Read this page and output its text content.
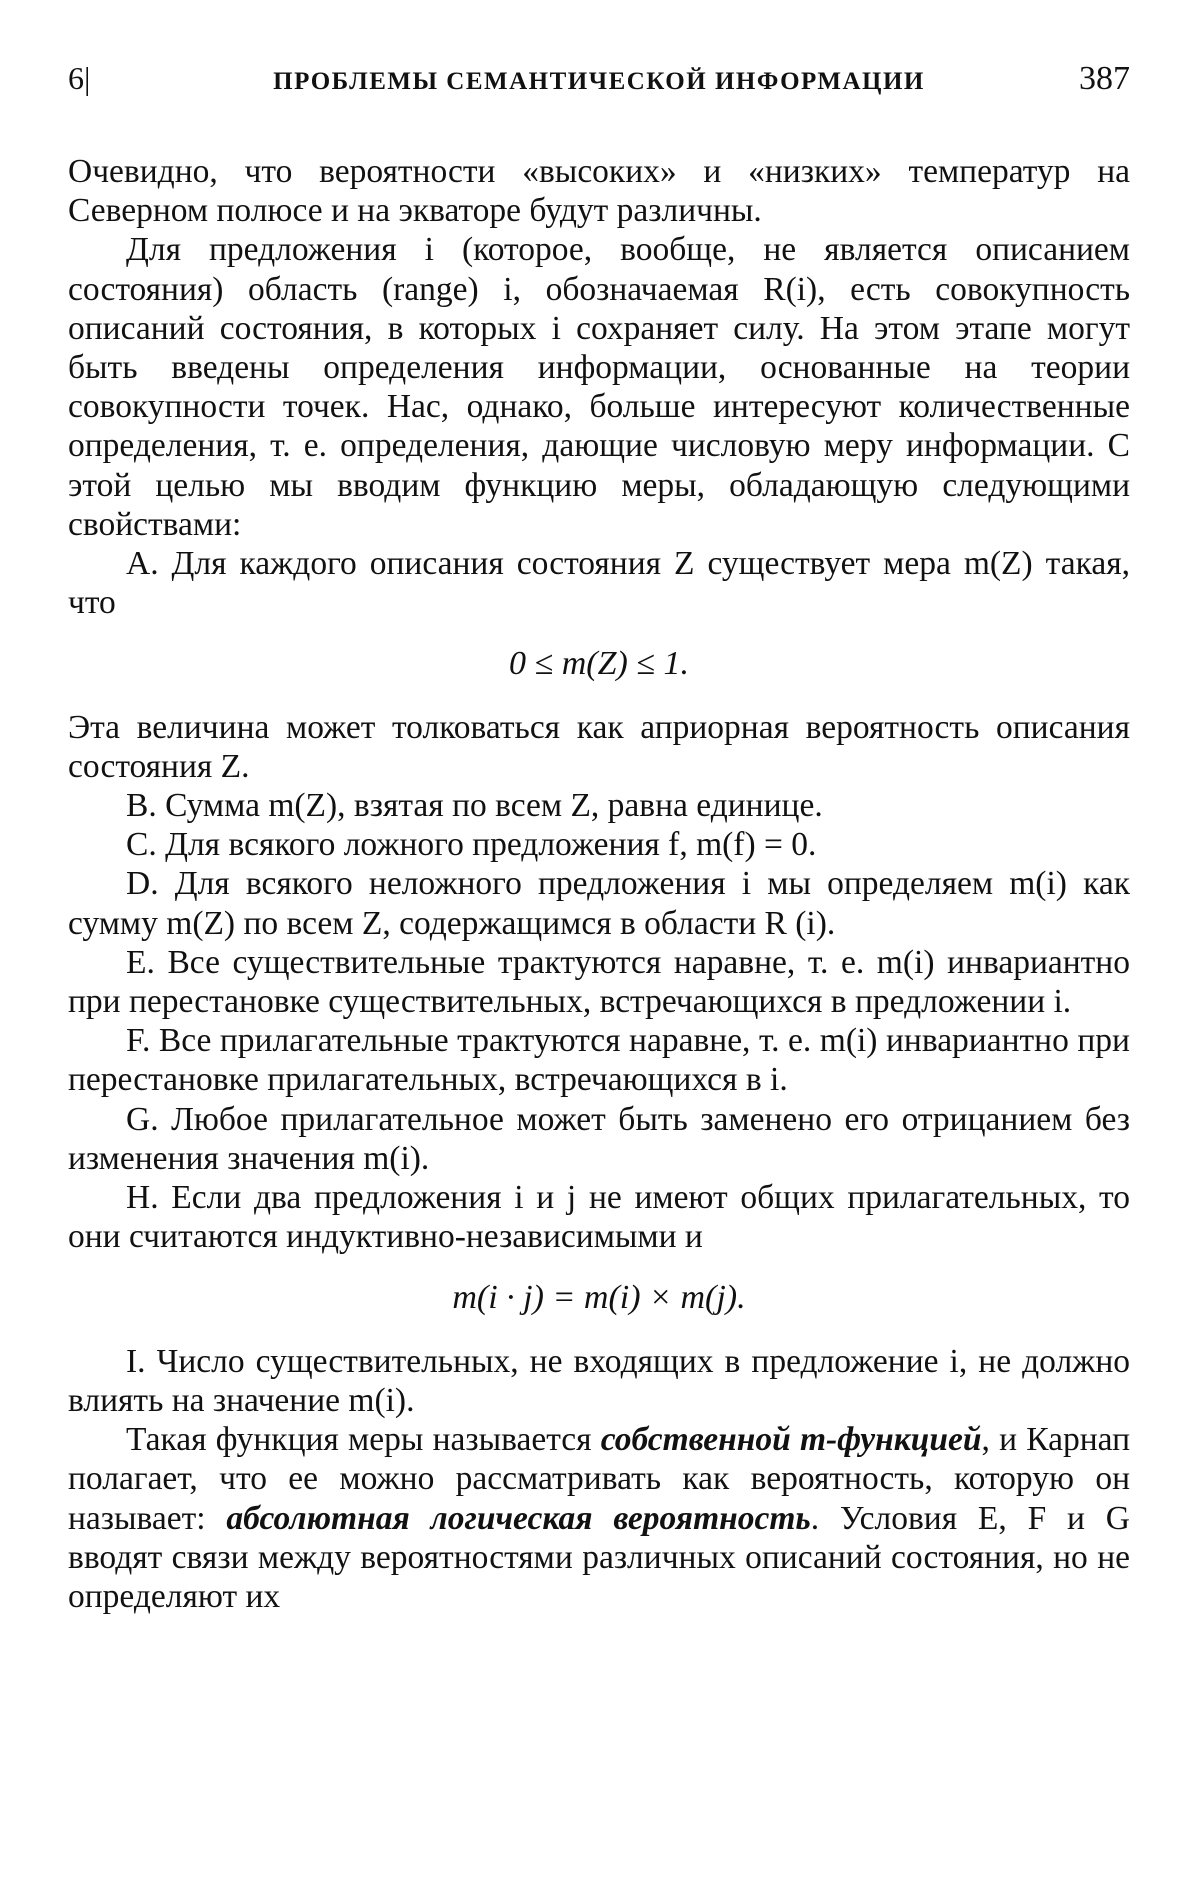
6|	ПРОБЛЕМЫ СЕМАНТИЧЕСКОЙ ИНФОРМАЦИИ	387

Очевидно, что вероятности «высоких» и «низких» температур на Северном полюсе и на экваторе будут различны.

Для предложения i (которое, вообще, не является описанием состояния) область (range) i, обозначаемая R(i), есть совокупность описаний состояния, в которых i сохраняет силу. На этом этапе могут быть введены определения информации, основанные на теории совокупности точек. Нас, однако, больше интересуют количественные определения, т. е. определения, дающие числовую меру информации. С этой целью мы вводим функцию меры, обладающую следующими свойствами:

A. Для каждого описания состояния Z существует мера m(Z) такая, что

0 ≤ m(Z) ≤ 1.

Эта величина может толковаться как априорная вероятность описания состояния Z.

B. Сумма m(Z), взятая по всем Z, равна единице.

C. Для всякого ложного предложения f, m(f) = 0.

D. Для всякого неложного предложения i мы определяем m(i) как сумму m(Z) по всем Z, содержащимся в области R (i).

E. Все существительные трактуются наравне, т. е. m(i) инвариантно при перестановке существительных, встречающихся в предложении i.

F. Все прилагательные трактуются наравне, т. е. m(i) инвариантно при перестановке прилагательных, встречающихся в i.

G. Любое прилагательное может быть заменено его отрицанием без изменения значения m(i).

H. Если два предложения i и j не имеют общих прилагательных, то они считаются индуктивно-независимыми и

m(i · j) = m(i) × m(j).

I. Число существительных, не входящих в предложение i, не должно влиять на значение m(i).

Такая функция меры называется собственной m-функцией, и Карнап полагает, что ее можно рассматривать как вероятность, которую он называет: абсолютная логическая вероятность. Условия E, F и G вводят связи между вероятностями различных описаний состояния, но не определяют их
